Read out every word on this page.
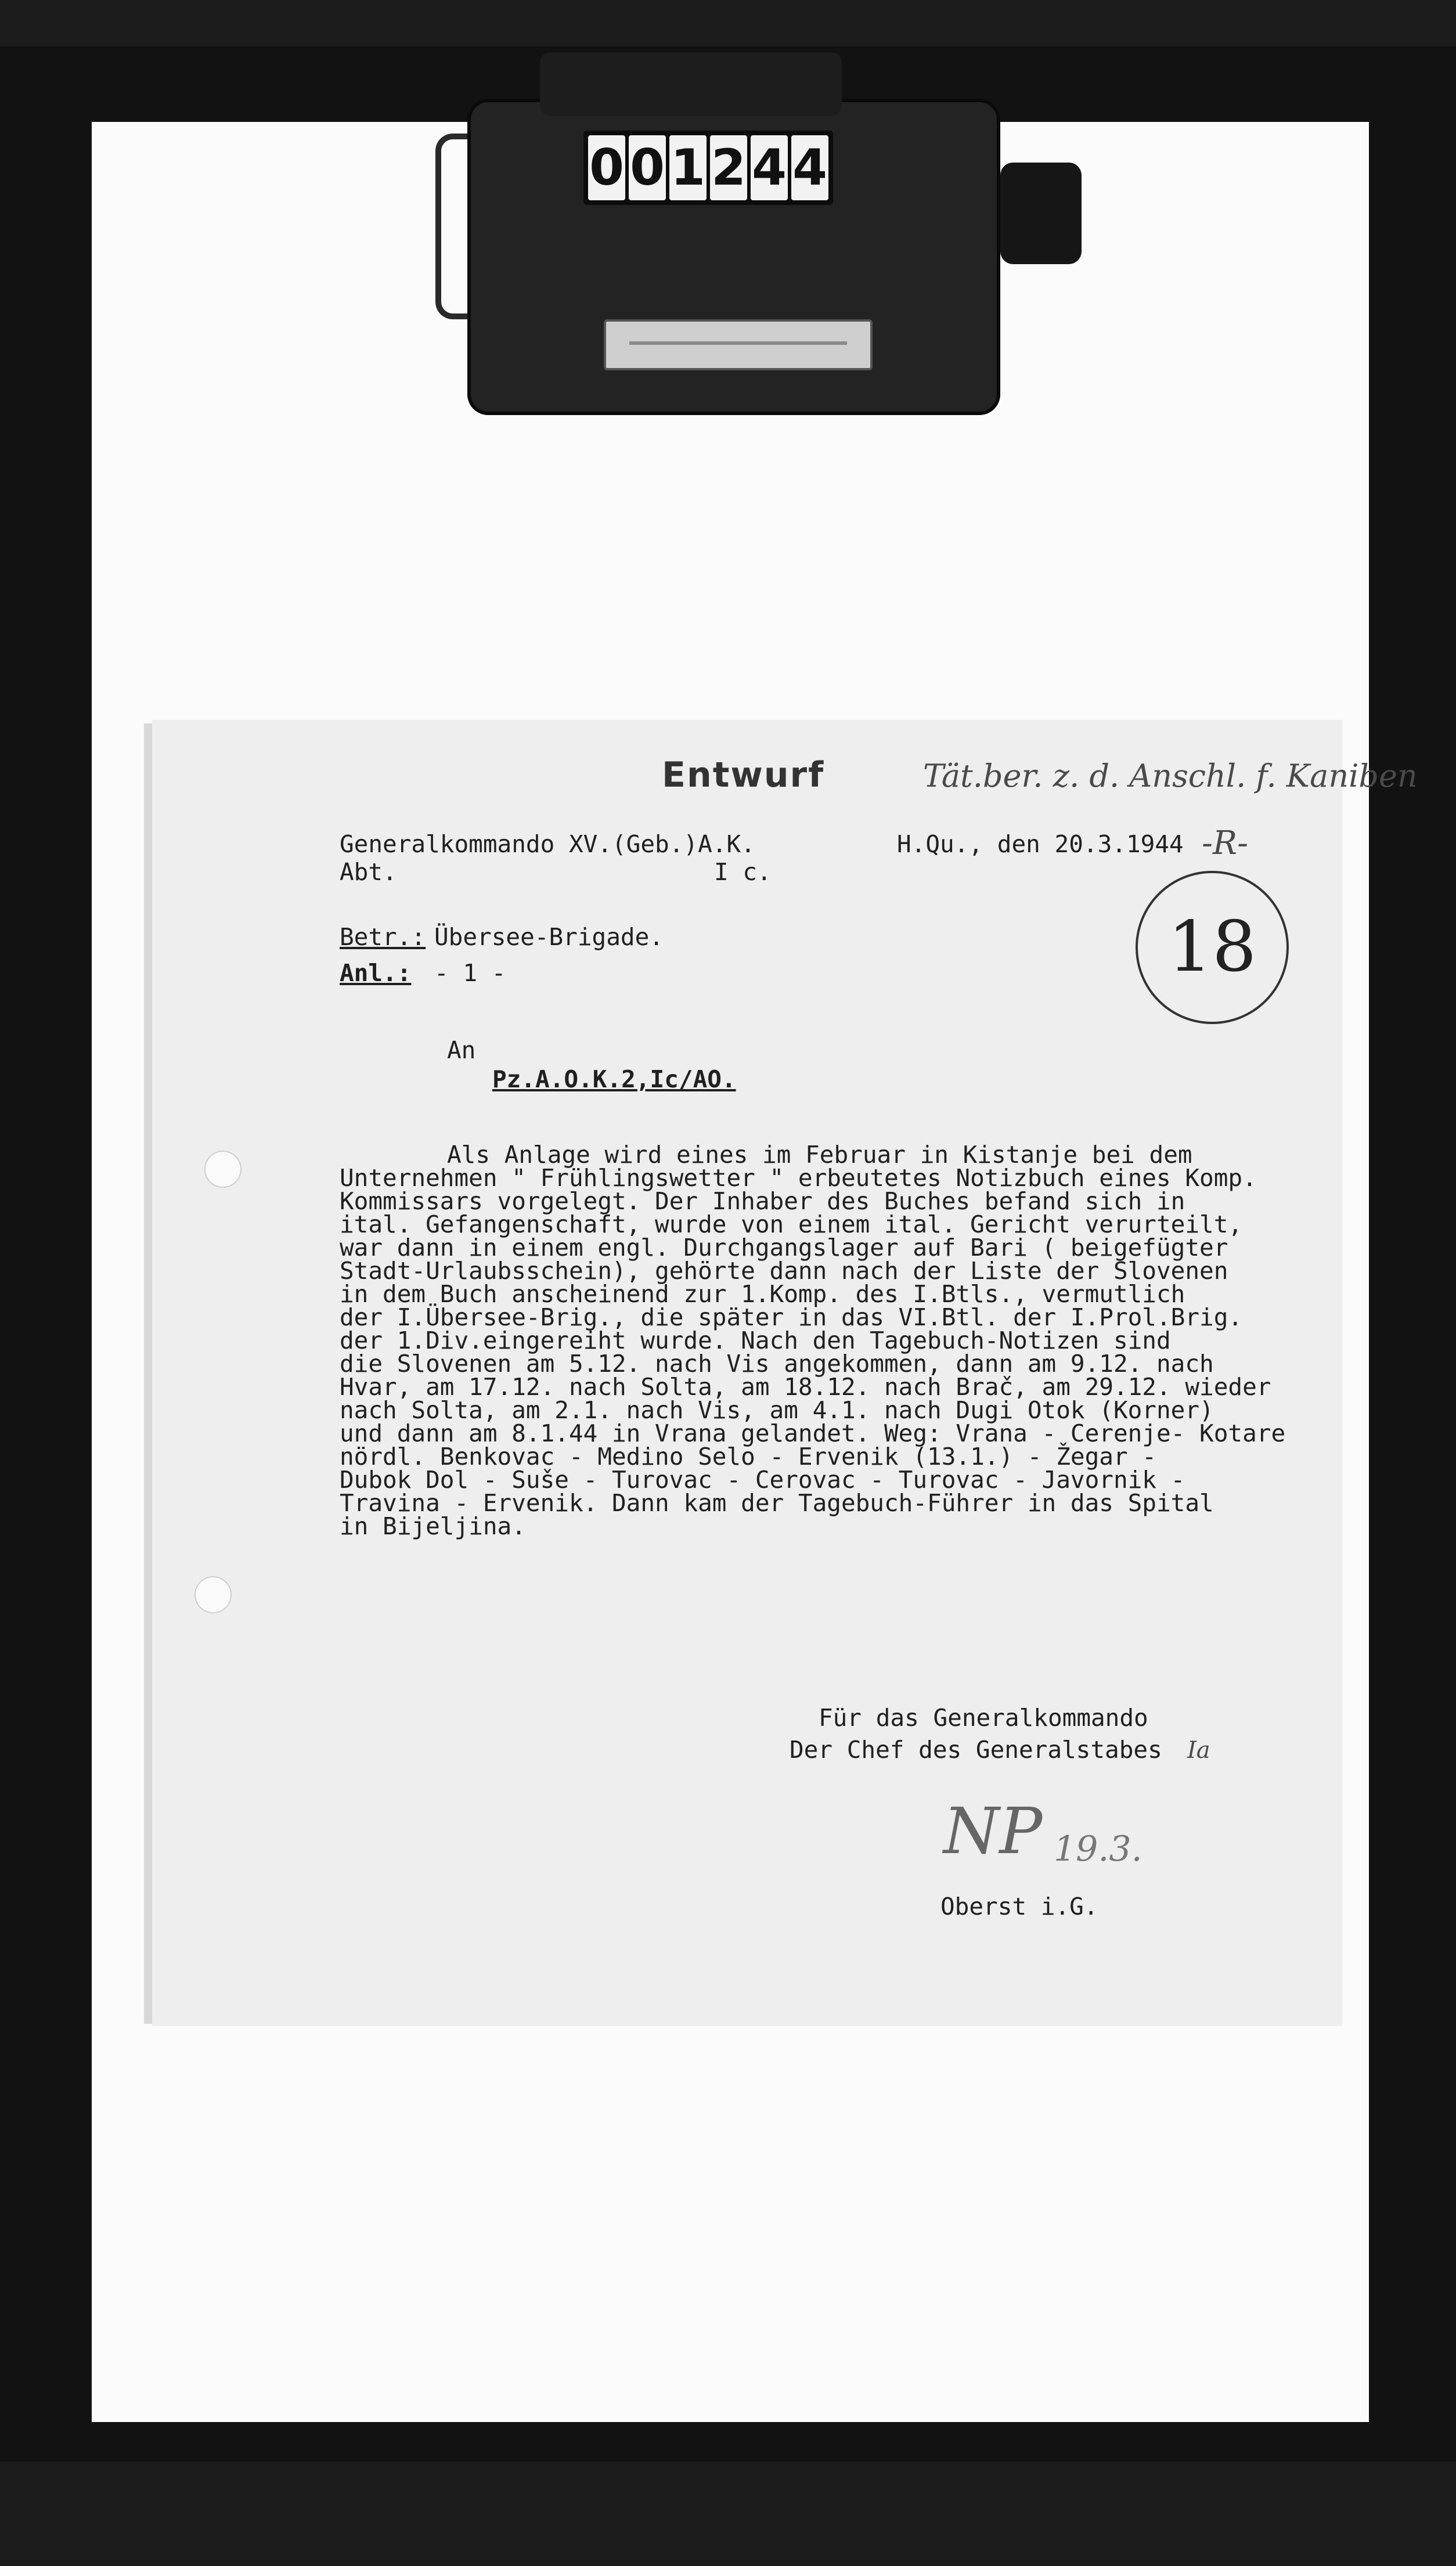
0 0 1 2 4 4
Entwurf	Tät.ber. z. d. Anschl. f. Kaniben
Generalkommando XV.(Geb.)A.K.
Abt.	I c.
H.Qu., den 20.3.1944 -R-
18
Betr.: Übersee-Brigade.
Anl.: - 1 -
An
Pz.A.O.K.2,Ic/AO.
Als Anlage wird eines im Februar in Kistanje bei dem
Unternehmen " Frühlingswetter " erbeutetes Notizbuch eines Komp.
Kommissars vorgelegt. Der Inhaber des Buches befand sich in
ital. Gefangenschaft, wurde von einem ital. Gericht verurteilt,
war dann in einem engl. Durchgangslager auf Bari ( beigefügter
Stadt-Urlaubsschein), gehörte dann nach der Liste der Slovenen
in dem Buch anscheinend zur 1.Komp. des I.Btls., vermutlich
der I.Übersee-Brig., die später in das VI.Btl. der I.Prol.Brig.
der 1.Div.eingereiht wurde. Nach den Tagebuch-Notizen sind
die Slovenen am 5.12. nach Vis angekommen, dann am 9.12. nach
Hvar, am 17.12. nach Solta, am 18.12. nach Brač, am 29.12. wieder
nach Solta, am 2.1. nach Vis, am 4.1. nach Dugi Otok (Korner)
und dann am 8.1.44 in Vrana gelandet. Weg: Vrana - Cerenje- Kotare
nördl. Benkovac - Medino Selo - Ervenik (13.1.) - Žegar -
Dubok Dol - Suše - Turovac - Cerovac - Turovac - Javornik -
Travina - Ervenik. Dann kam der Tagebuch-Führer in das Spital
in Bijeljina.
Für das Generalkommando
Der Chef des Generalstabes Ia
NP 19.3.
Oberst i.G.
